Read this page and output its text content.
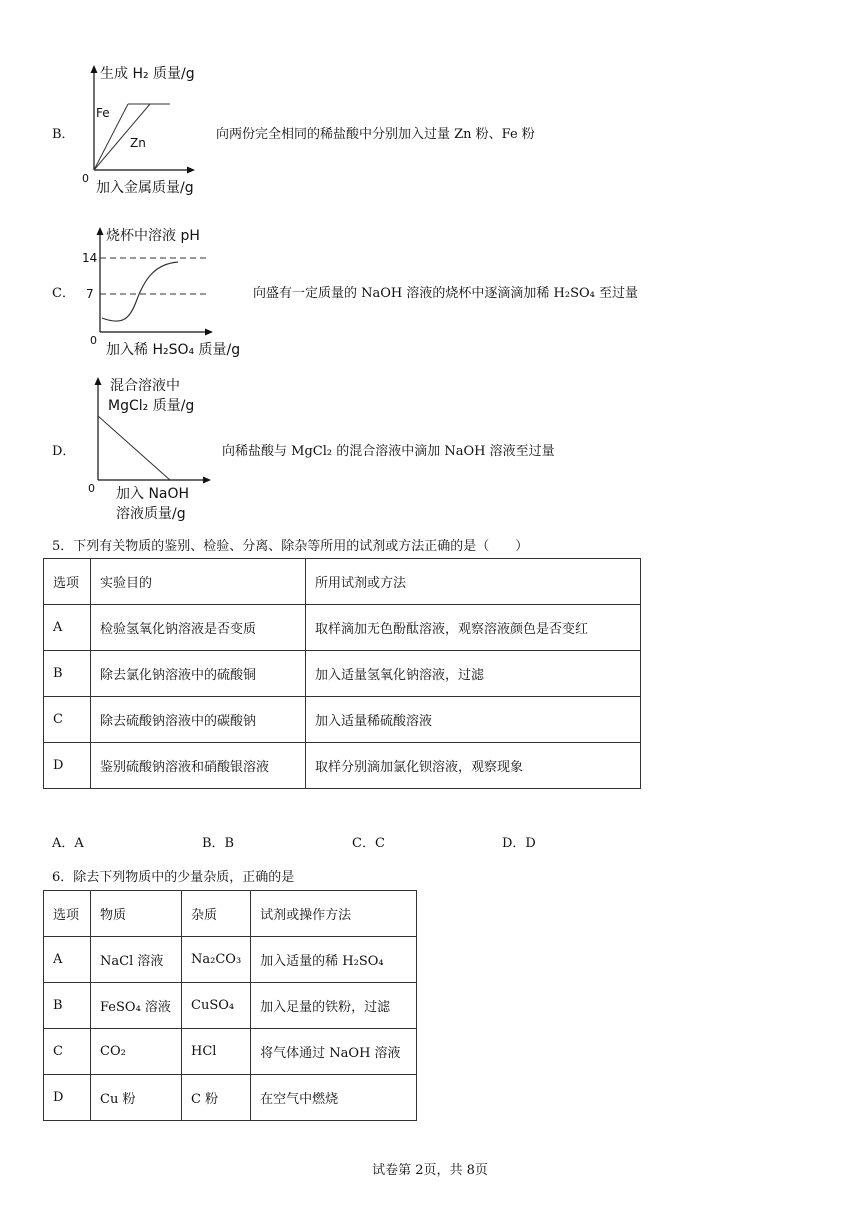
B．
生成 H₂ 质量/g
Fe
Zn
0
加入金属质量/g
向两份完全相同的稀盐酸中分别加入过量 Zn 粉、Fe 粉
C．
烧杯中溶液 pH
14
7
0
加入稀 H₂SO₄ 质量/g
向盛有一定质量的 NaOH 溶液的烧杯中逐滴滴加稀 H₂SO₄ 至过量
D．
混合溶液中
MgCl₂ 质量/g
0 加入 NaOH
溶液质量/g
向稀盐酸与 MgCl₂ 的混合溶液中滴加 NaOH 溶液至过量
5．下列有关物质的鉴别、检验、分离、除杂等所用的试剂或方法正确的是（　　）
选项	实验目的	所用试剂或方法
A	检验氢氧化钠溶液是否变质	取样滴加无色酚酞溶液，观察溶液颜色是否变红
B	除去氯化钠溶液中的硫酸铜	加入适量氢氧化钠溶液，过滤
C	除去硫酸钠溶液中的碳酸钠	加入适量稀硫酸溶液
D	鉴别硫酸钠溶液和硝酸银溶液	取样分别滴加氯化钡溶液，观察现象
A．A	B．B	C．C	D．D
6．除去下列物质中的少量杂质，正确的是
选项	物质	杂质	试剂或操作方法
A	NaCl 溶液	Na₂CO₃	加入适量的稀 H₂SO₄
B	FeSO₄ 溶液	CuSO₄	加入足量的铁粉，过滤
C	CO₂	HCl	将气体通过 NaOH 溶液
D	Cu 粉	C 粉	在空气中燃烧
试卷第 2页，共 8页
